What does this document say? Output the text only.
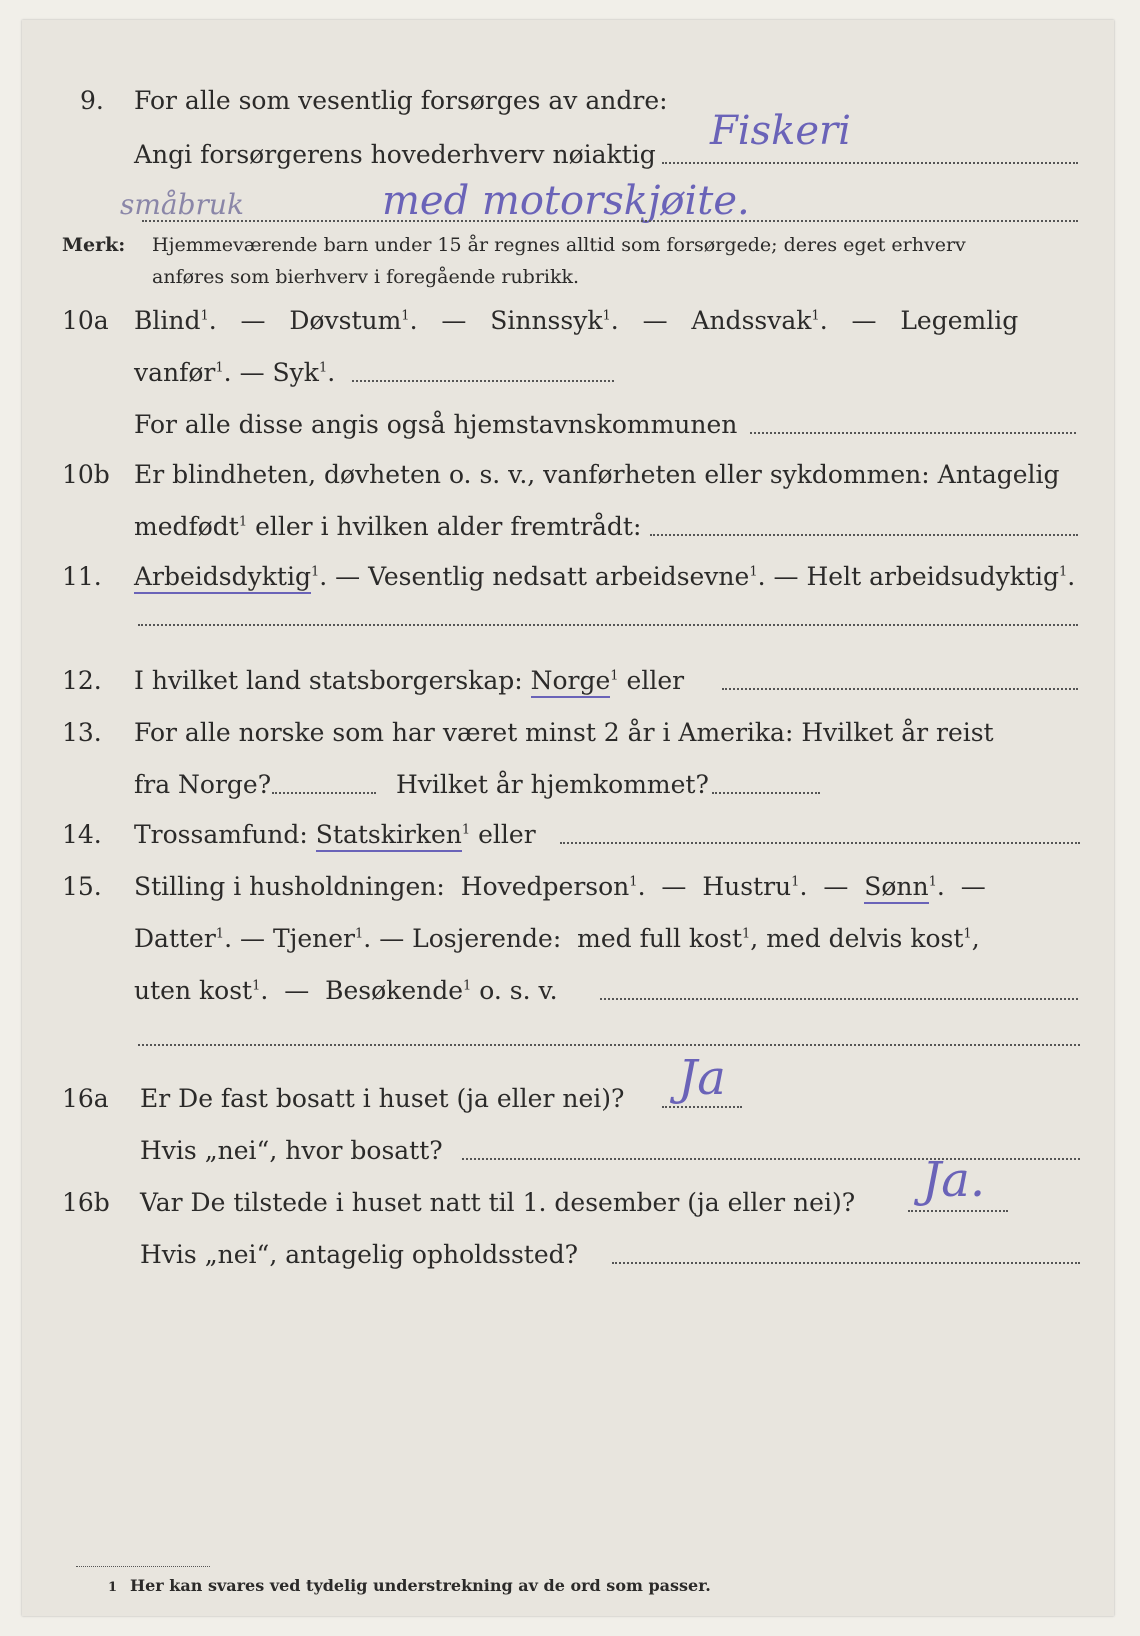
9. For alle som vesentlig forsørges av andre:
Angi forsørgerens hovederhverv nøiaktig
Fiskeri
småbruk	med motorskjøite.
Merk: Hjemmeværende barn under 15 år regnes alltid som forsørgede; deres eget erhverv
anføres som bierhverv i foregående rubrikk.
10a Blind$^1$. — Døvstum$^1$. — Sinnssyk$^1$. — Andssvak$^1$. — Legemlig
vanfør$^1$. — Syk$^1$.
For alle disse angis også hjemstavnskommunen
10b Er blindheten, døvheten o. s. v., vanførheten eller sykdommen: Antagelig
medfødt$^1$ eller i hvilken alder fremtrådt:
11. Arbeidsdyktig$^1$. — Vesentlig nedsatt arbeidsevne$^1$. — Helt arbeidsudyktig$^1$.
12. I hvilket land statsborgerskap: Norge$^1$ eller
13. For alle norske som har været minst 2 år i Amerika: Hvilket år reist
fra Norge?	Hvilket år hjemkommet?
14. Trossamfund: Statskirken$^1$ eller
15. Stilling i husholdningen: Hovedperson$^1$. — Hustru$^1$. — Sønn$^1$. —
Datter$^1$. — Tjener$^1$. — Losjerende: med full kost$^1$, med delvis kost$^1$,
uten kost$^1$. — Besøkende$^1$ o. s. v.
16a Er De fast bosatt i huset (ja eller nei)? Ja
Hvis „nei“, hvor bosatt?
16b Var De tilstede i huset natt til 1. desember (ja eller nei)? Ja.
Hvis „nei“, antagelig opholdssted?
1 Her kan svares ved tydelig understrekning av de ord som passer.
